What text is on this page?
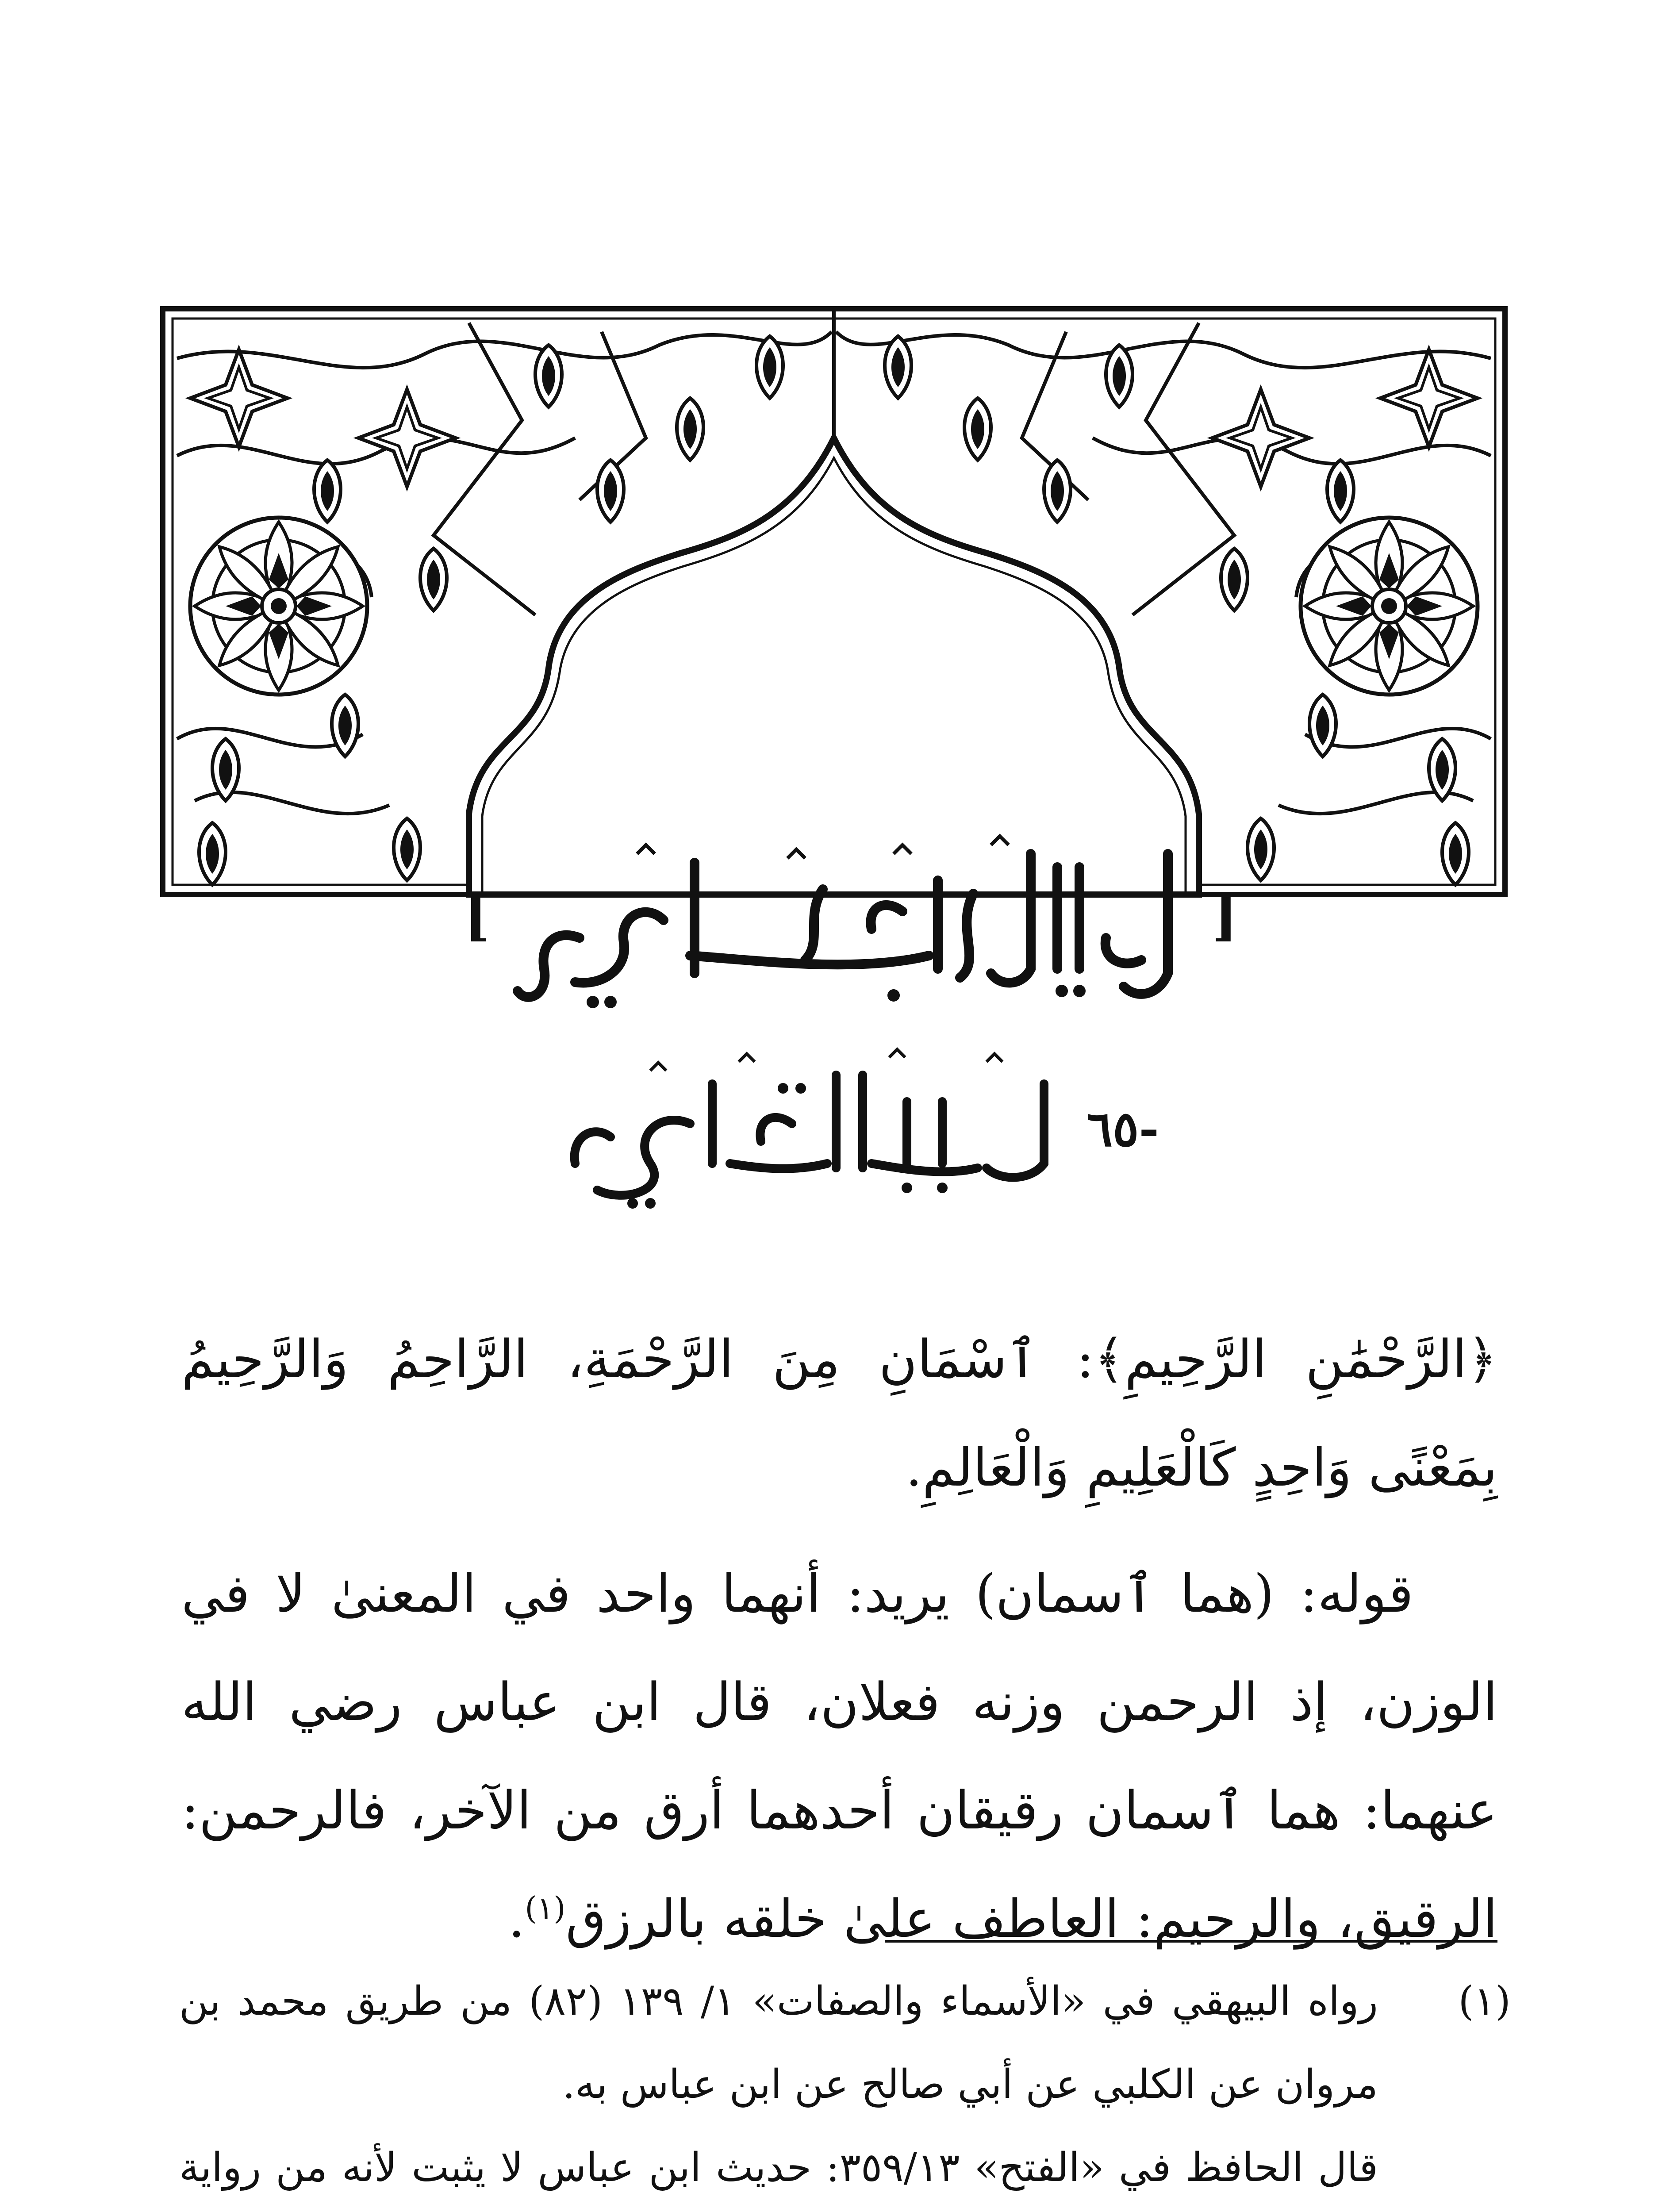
[	]
٦٥-

﴿الرَّحْمَٰنِ الرَّحِيمِ﴾: ٱسْمَانِ مِنَ الرَّحْمَةِ، الرَّاحِمُ وَالرَّحِيمُ بِمَعْنًى وَاحِدٍ كَالْعَلِيمِ وَالْعَالِمِ.

قوله: (هما ٱسمان) يريد: أنهما واحد في المعنىٰ لا في الوزن، إذ الرحمن وزنه فعلان، قال ابن عباس رضي الله عنهما: هما ٱسمان رقيقان أحدهما أرق من الآخر، فالرحمن: الرقيق، والرحيم: العاطف علىٰ خلقه بالرزق$^{(١)}$.

(١)
رواه البيهقي في «الأسماء والصفات» ١/ ١٣٩ (٨٢) من طريق محمد بن مروان عن الكلبي عن أبي صالح عن ابن عباس به.
قال الحافظ في «الفتح» ٣٥٩/١٣: حديث ابن عباس لا يثبت لأنه من رواية
